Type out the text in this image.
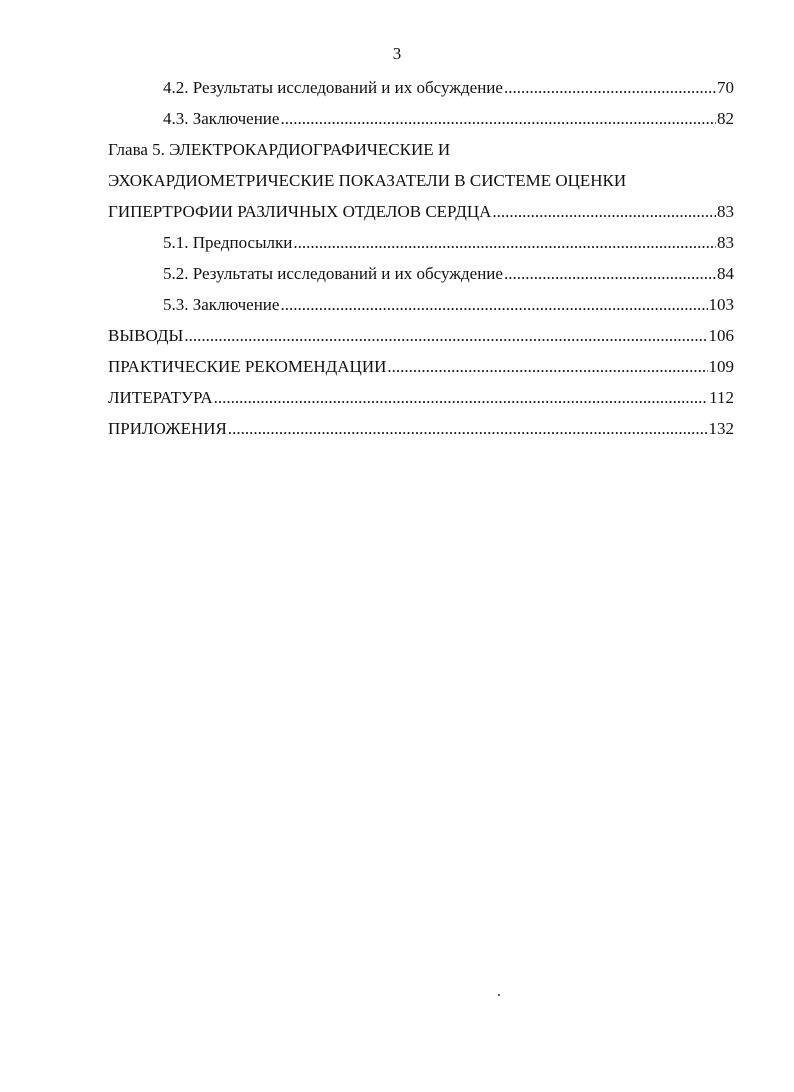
3
4.2. Результаты исследований и их обсуждение .....	70
4.3. Заключение .....	82
Глава 5. ЭЛЕКТРОКАРДИОГРАФИЧЕСКИЕ И
ЭХОКАРДИОМЕТРИЧЕСКИЕ ПОКАЗАТЕЛИ В СИСТЕМЕ ОЦЕНКИ
ГИПЕРТРОФИИ РАЗЛИЧНЫХ ОТДЕЛОВ СЕРДЦА .....	83
5.1. Предпосылки .....	83
5.2. Результаты исследований и их обсуждение .....	84
5.3. Заключение .....	103
ВЫВОДЫ .....	106
ПРАКТИЧЕСКИЕ РЕКОМЕНДАЦИИ .....	109
ЛИТЕРАТУРА .....	112
ПРИЛОЖЕНИЯ .....	132
